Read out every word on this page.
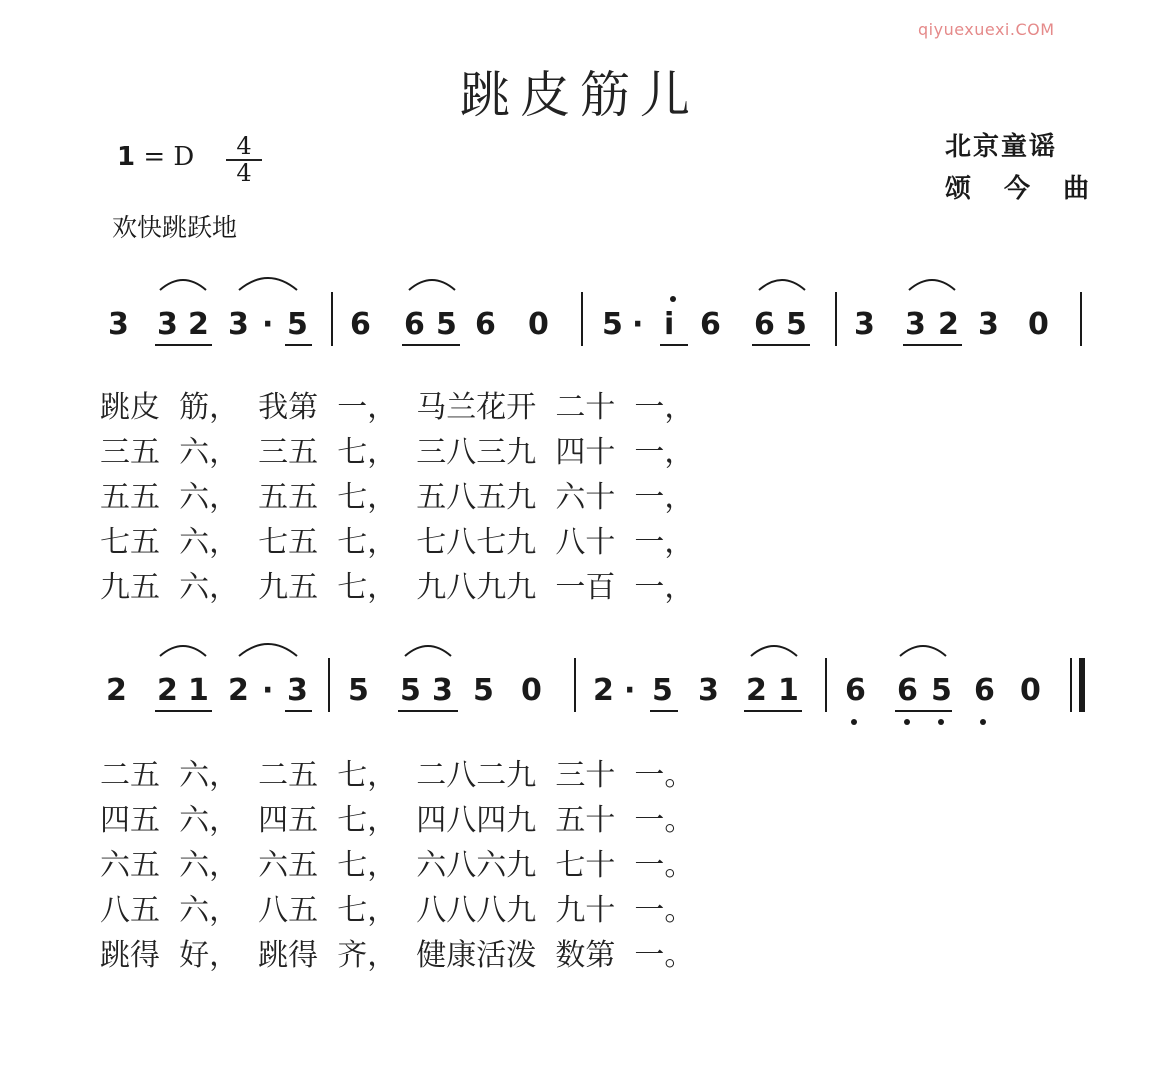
qiyuexuexi.COM
跳皮筋儿
1 = D	4
4
欢快跳跃地
北京童谣
颂 今 曲
3 3 2 3 · 5 6 6 5 6 0 5 · i 6 6 5 3 3 2 3 0
2 2 1 2 · 3 5 5 3 5 0 2 · 5 3 2 1 6 6 5 6 0
跳皮  筋，  我第  一，  马兰花开  二十  一，
三五  六，  三五  七，  三八三九  四十  一，
五五  六，  五五  七，  五八五九  六十  一，
七五  六，  七五  七，  七八七九  八十  一，
九五  六，  九五  七，  九八九九  一百  一，
二五  六，  二五  七，  二八二九  三十  一。
四五  六，  四五  七，  四八四九  五十  一。
六五  六，  六五  七，  六八六九  七十  一。
八五  六，  八五  七，  八八八九  九十  一。
跳得  好，  跳得  齐，  健康活泼  数第  一。
